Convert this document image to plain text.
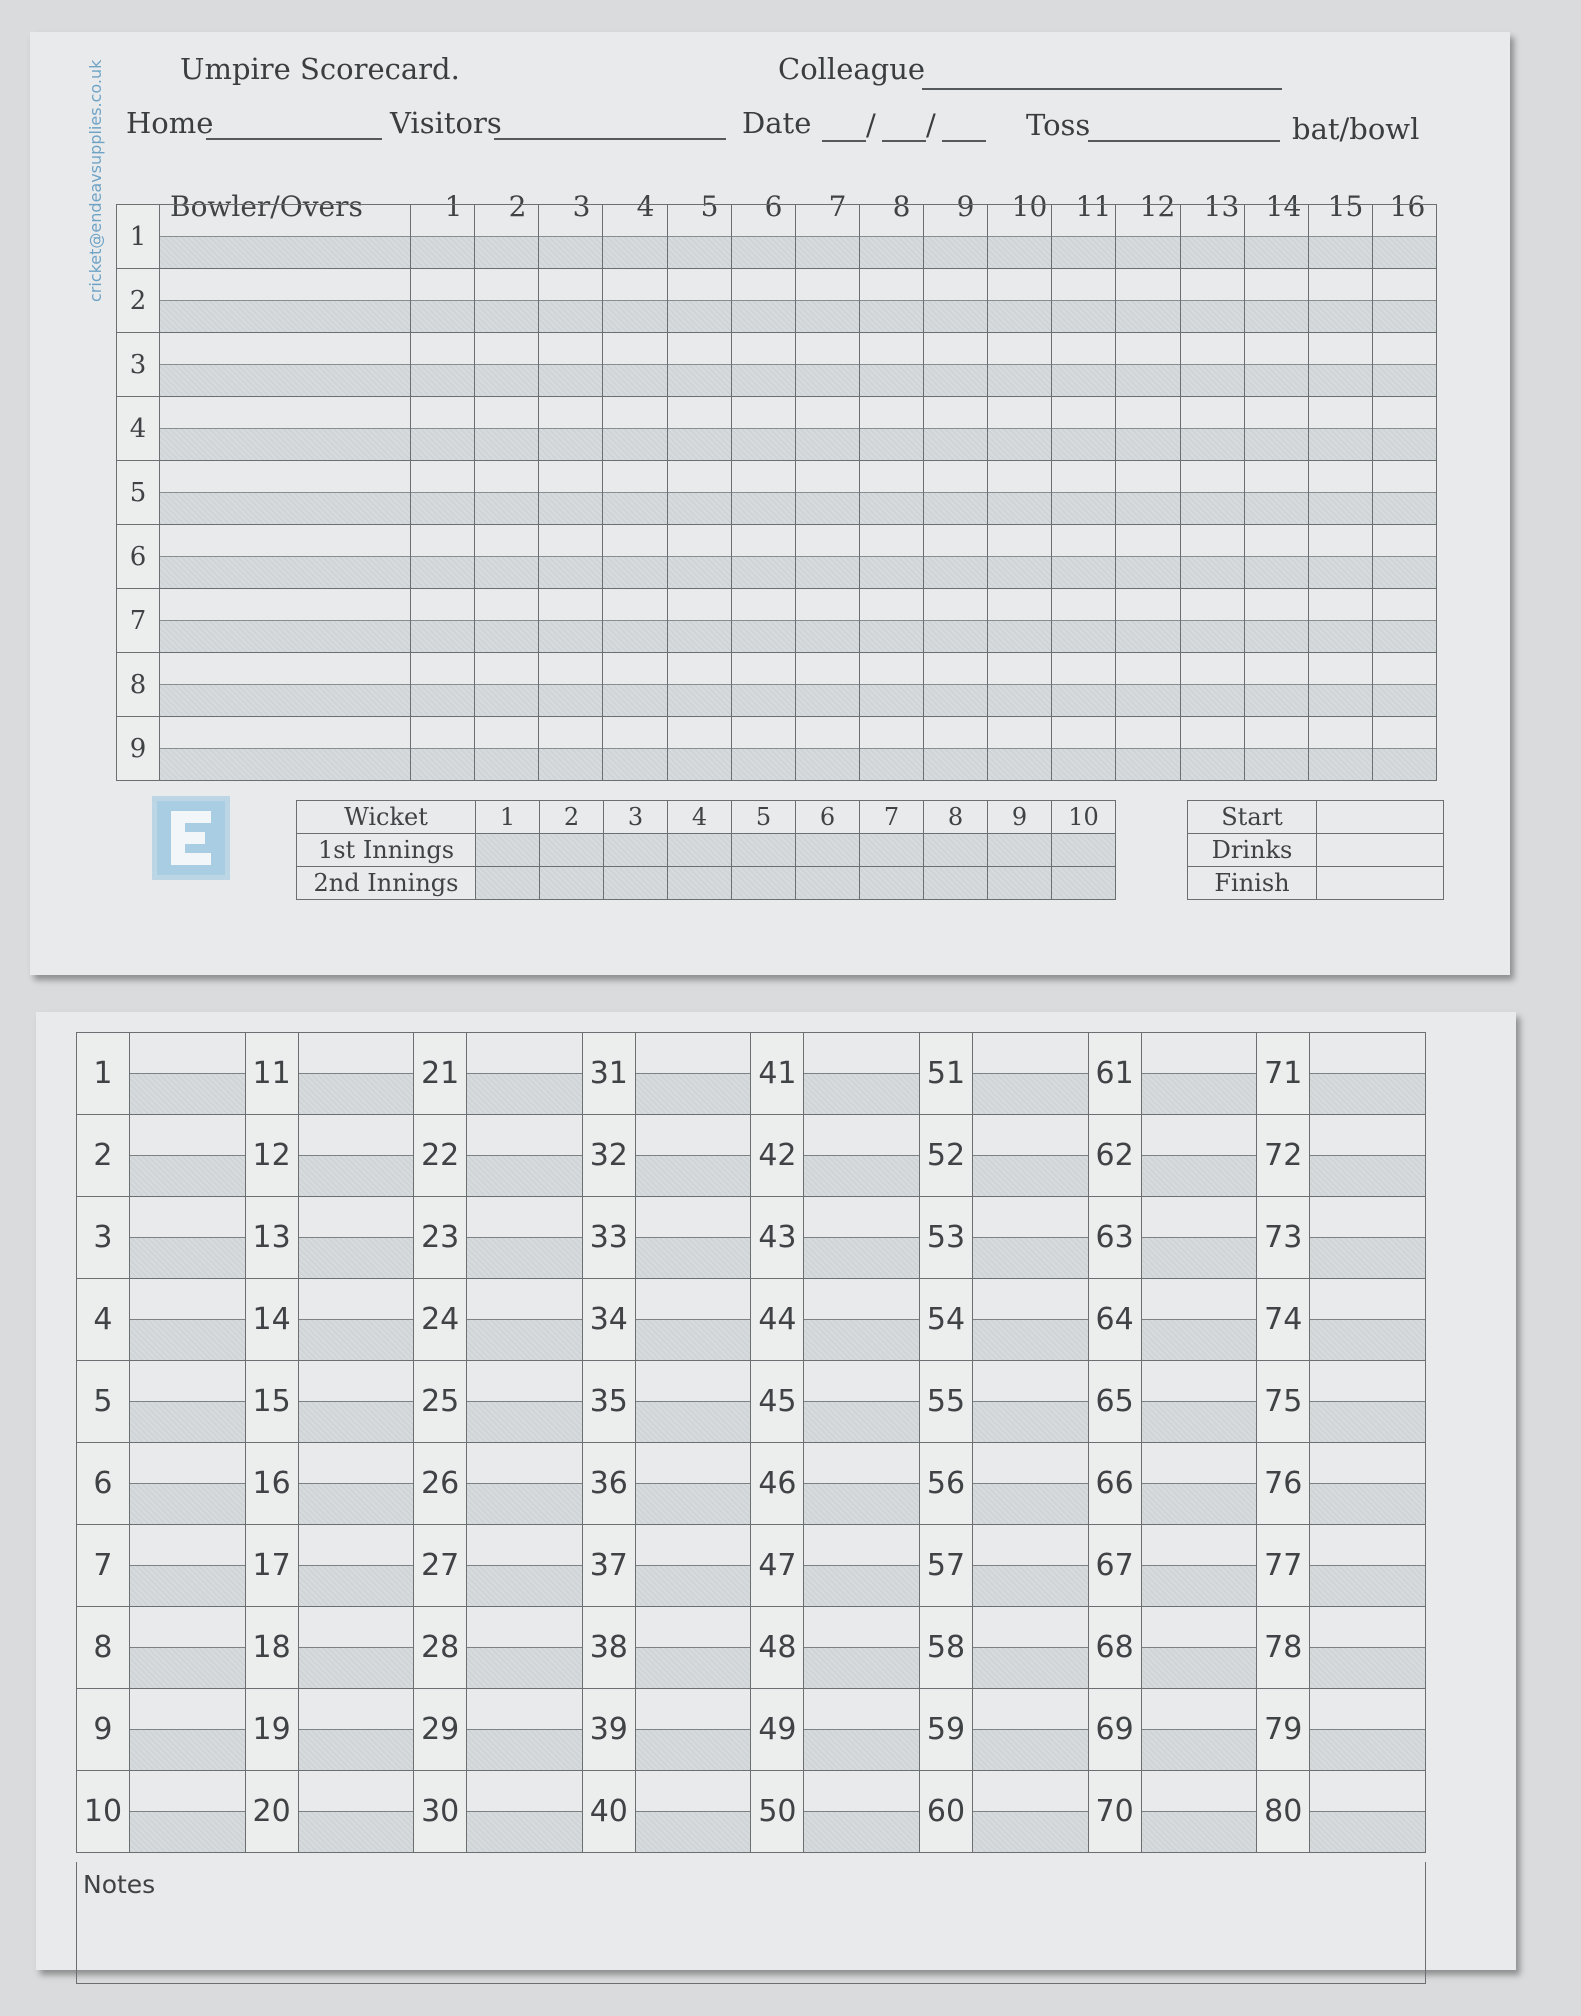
Umpire Scorecard.	Colleague
Home	Visitors	Date / /	Toss	bat/bowl
Bowler/Overs	1	2	3	4	5	6	7	8	9	10	11	12	13 14 15 16
1	

2	

3	

4	

5	

6	

7	

8	

9	

cricket@endeavsupplies.co.uk
Wicket	1	2	3	4	5	6	7	8	9	10
1st Innings										
2nd Innings										
Start	
Drinks	
Finish	
1		11		21		31		41		51		61		71	

2		12		22		32		42		52		62		72	

3		13		23		33		43		53		63		73	

4		14		24		34		44		54		64		74	

5		15		25		35		45		55		65		75	

6		16		26		36		46		56		66		76	

7		17		27		37		47		57		67		77	

8		18		28		38		48		58		68		78	

9		19		29		39		49		59		69		79	

10		20		30		40		50		60		70		80	
Notes
